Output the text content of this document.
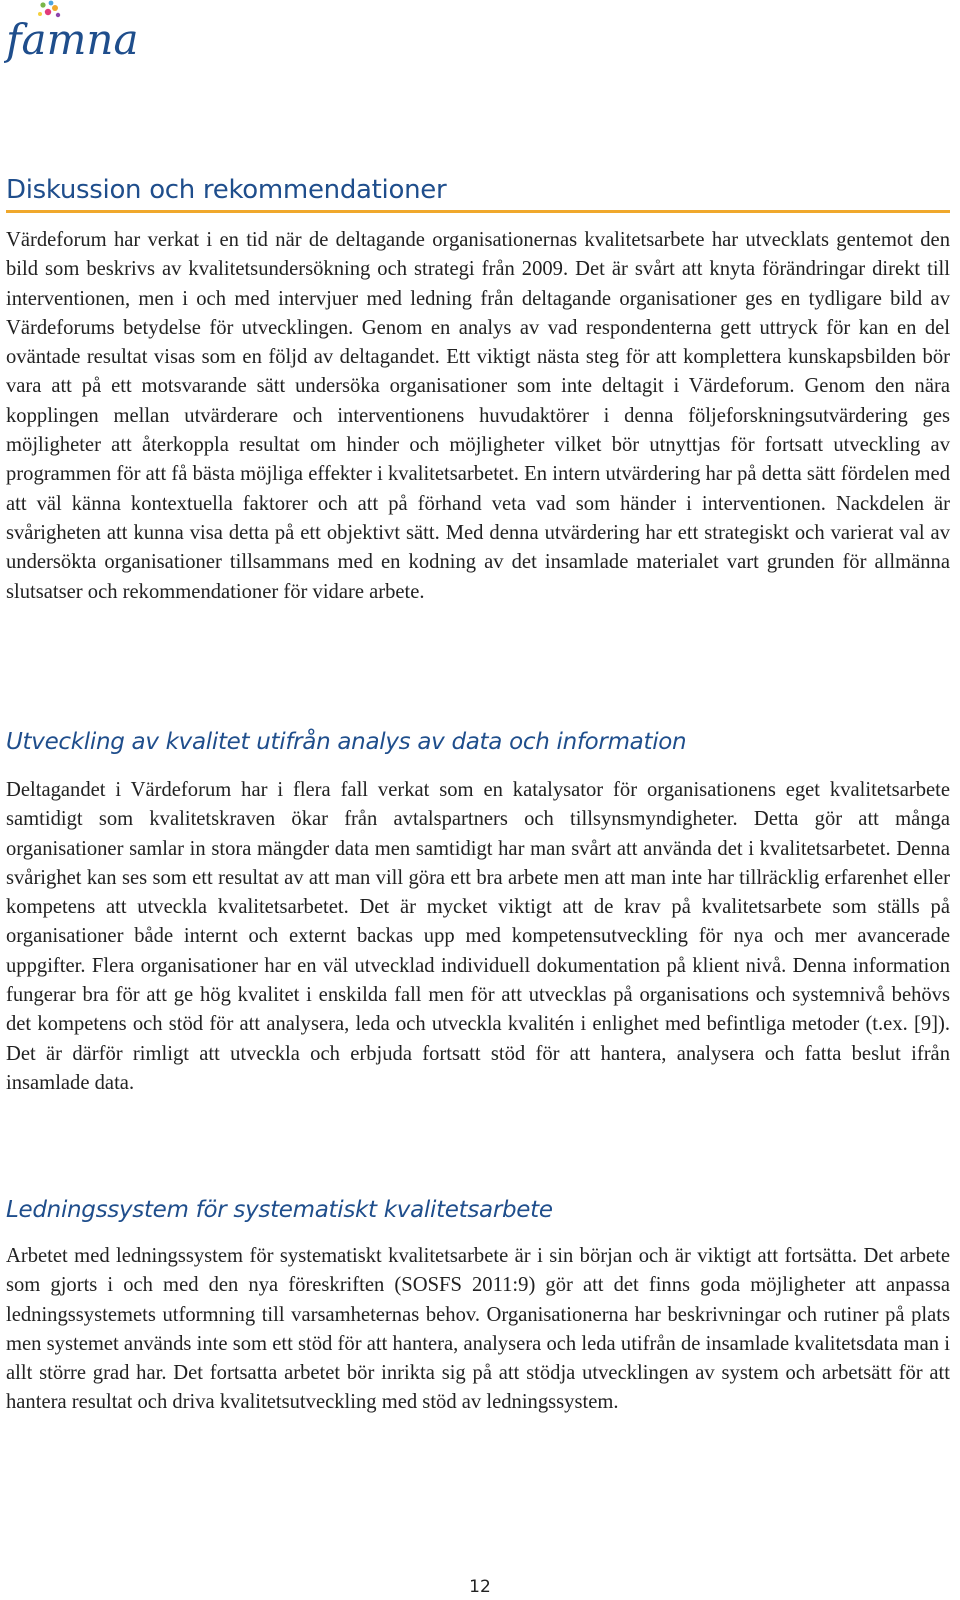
famna
Diskussion och rekommendationer

Värdeforum har verkat i en tid när de deltagande organisationernas kvalitetsarbete har utvecklats gentemot den bild som beskrivs av kvalitetsundersökning och strategi från 2009. Det är svårt att knyta förändringar direkt till interventionen, men i och med intervjuer med ledning från deltagande organisationer ges en tydligare bild av Värdeforums betydelse för utvecklingen. Genom en analys av vad respondenterna gett uttryck för kan en del oväntade resultat visas som en följd av deltagandet. Ett viktigt nästa steg för att komplettera kunskapsbilden bör vara att på ett motsvarande sätt undersöka organisationer som inte deltagit i Värdeforum. Genom den nära kopplingen mellan utvärderare och interventionens huvudaktörer i denna följeforskningsutvärdering ges möjligheter att återkoppla resultat om hinder och möjligheter vilket bör utnyttjas för fortsatt utveckling av programmen för att få bästa möjliga effekter i kvalitetsarbetet. En intern utvärdering har på detta sätt fördelen med att väl känna kontextuella faktorer och att på förhand veta vad som händer i interventionen. Nackdelen är svårigheten att kunna visa detta på ett objektivt sätt. Med denna utvärdering har ett strategiskt och varierat val av undersökta organisationer tillsammans med en kodning av det insamlade materialet vart grunden för allmänna slutsatser och rekommendationer för vidare arbete.

Utveckling av kvalitet utifrån analys av data och information

Deltagandet i Värdeforum har i flera fall verkat som en katalysator för organisationens eget kvalitetsarbete samtidigt som kvalitetskraven ökar från avtalspartners och tillsynsmyndigheter. Detta gör att många organisationer samlar in stora mängder data men samtidigt har man svårt att använda det i kvalitetsarbetet. Denna svårighet kan ses som ett resultat av att man vill göra ett bra arbete men att man inte har tillräcklig erfarenhet eller kompetens att utveckla kvalitetsarbetet. Det är mycket viktigt att de krav på kvalitetsarbete som ställs på organisationer både internt och externt backas upp med kompetensutveckling för nya och mer avancerade uppgifter. Flera organisationer har en väl utvecklad individuell dokumentation på klient nivå. Denna information fungerar bra för att ge hög kvalitet i enskilda fall men för att utvecklas på organisations och systemnivå behövs det kompetens och stöd för att analysera, leda och utveckla kvalitén i enlighet med befintliga metoder (t.ex. [9]). Det är därför rimligt att utveckla och erbjuda fortsatt stöd för att hantera, analysera och fatta beslut ifrån insamlade data.

Ledningssystem för systematiskt kvalitetsarbete

Arbetet med ledningssystem för systematiskt kvalitetsarbete är i sin början och är viktigt att fortsätta. Det arbete som gjorts i och med den nya föreskriften (SOSFS 2011:9) gör att det finns goda möjligheter att anpassa ledningssystemets utformning till varsamheternas behov. Organisationerna har beskrivningar och rutiner på plats men systemet används inte som ett stöd för att hantera, analysera och leda utifrån de insamlade kvalitetsdata man i allt större grad har. Det fortsatta arbetet bör inrikta sig på att stödja utvecklingen av system och arbetsätt för att hantera resultat och driva kvalitetsutveckling med stöd av ledningssystem.

12
